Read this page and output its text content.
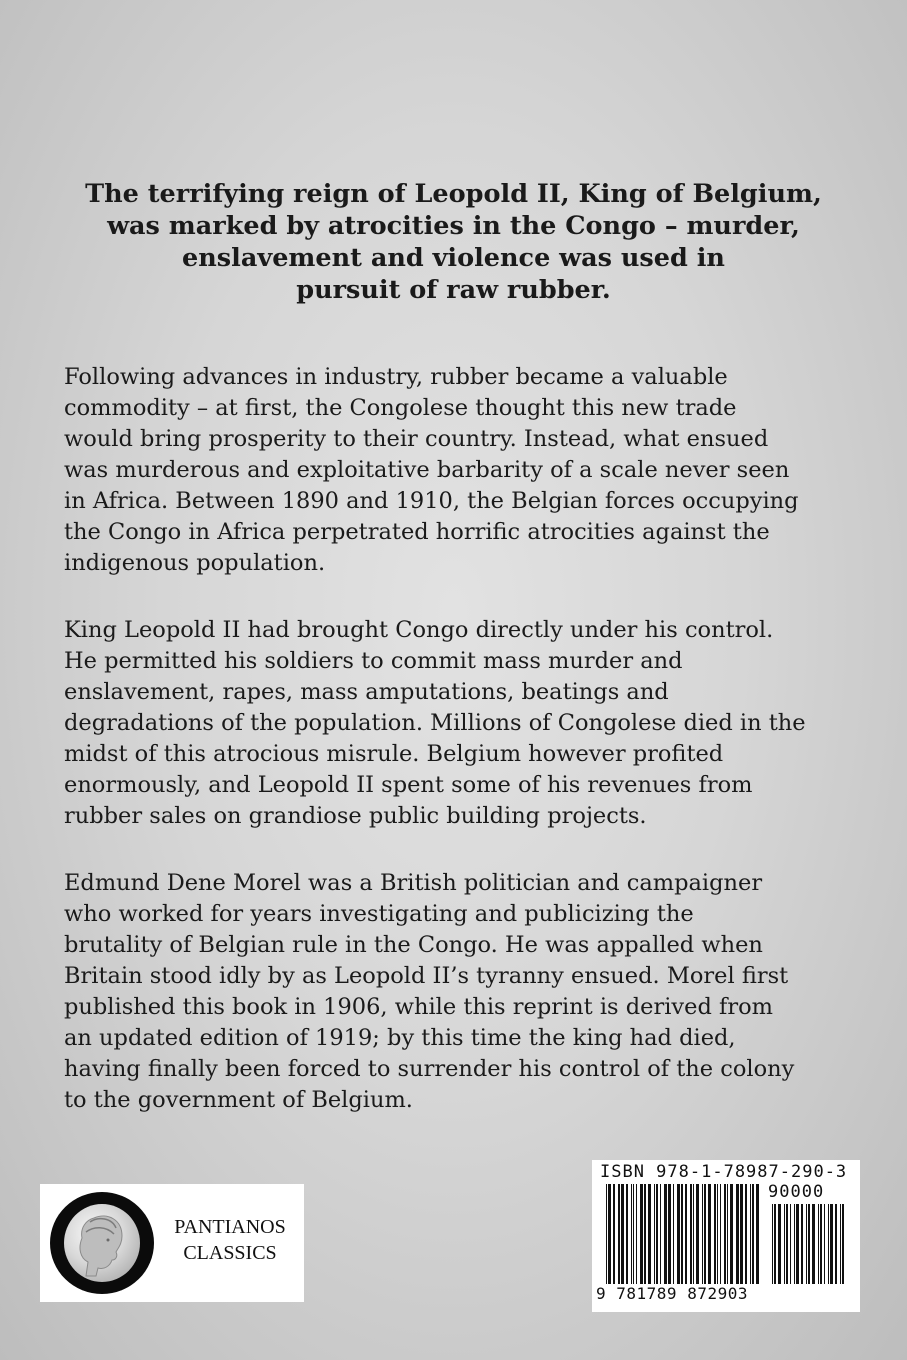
The terrifying reign of Leopold II, King of Belgium,
was marked by atrocities in the Congo – murder,
enslavement and violence was used in
pursuit of raw rubber.
Following advances in industry, rubber became a valuable
commodity – at first, the Congolese thought this new trade
would bring prosperity to their country. Instead, what ensued
was murderous and exploitative barbarity of a scale never seen
in Africa. Between 1890 and 1910, the Belgian forces occupying
the Congo in Africa perpetrated horrific atrocities against the
indigenous population.
King Leopold II had brought Congo directly under his control.
He permitted his soldiers to commit mass murder and
enslavement, rapes, mass amputations, beatings and
degradations of the population. Millions of Congolese died in the
midst of this atrocious misrule. Belgium however profited
enormously, and Leopold II spent some of his revenues from
rubber sales on grandiose public building projects.
Edmund Dene Morel was a British politician and campaigner
who worked for years investigating and publicizing the
brutality of Belgian rule in the Congo. He was appalled when
Britain stood idly by as Leopold II’s tyranny ensued. Morel first
published this book in 1906, while this reprint is derived from
an updated edition of 1919; by this time the king had died,
having finally been forced to surrender his control of the colony
to the government of Belgium.
PANTIANOS
CLASSICS
ISBN 978-1-78987-290-3
90000
9 781789 872903
